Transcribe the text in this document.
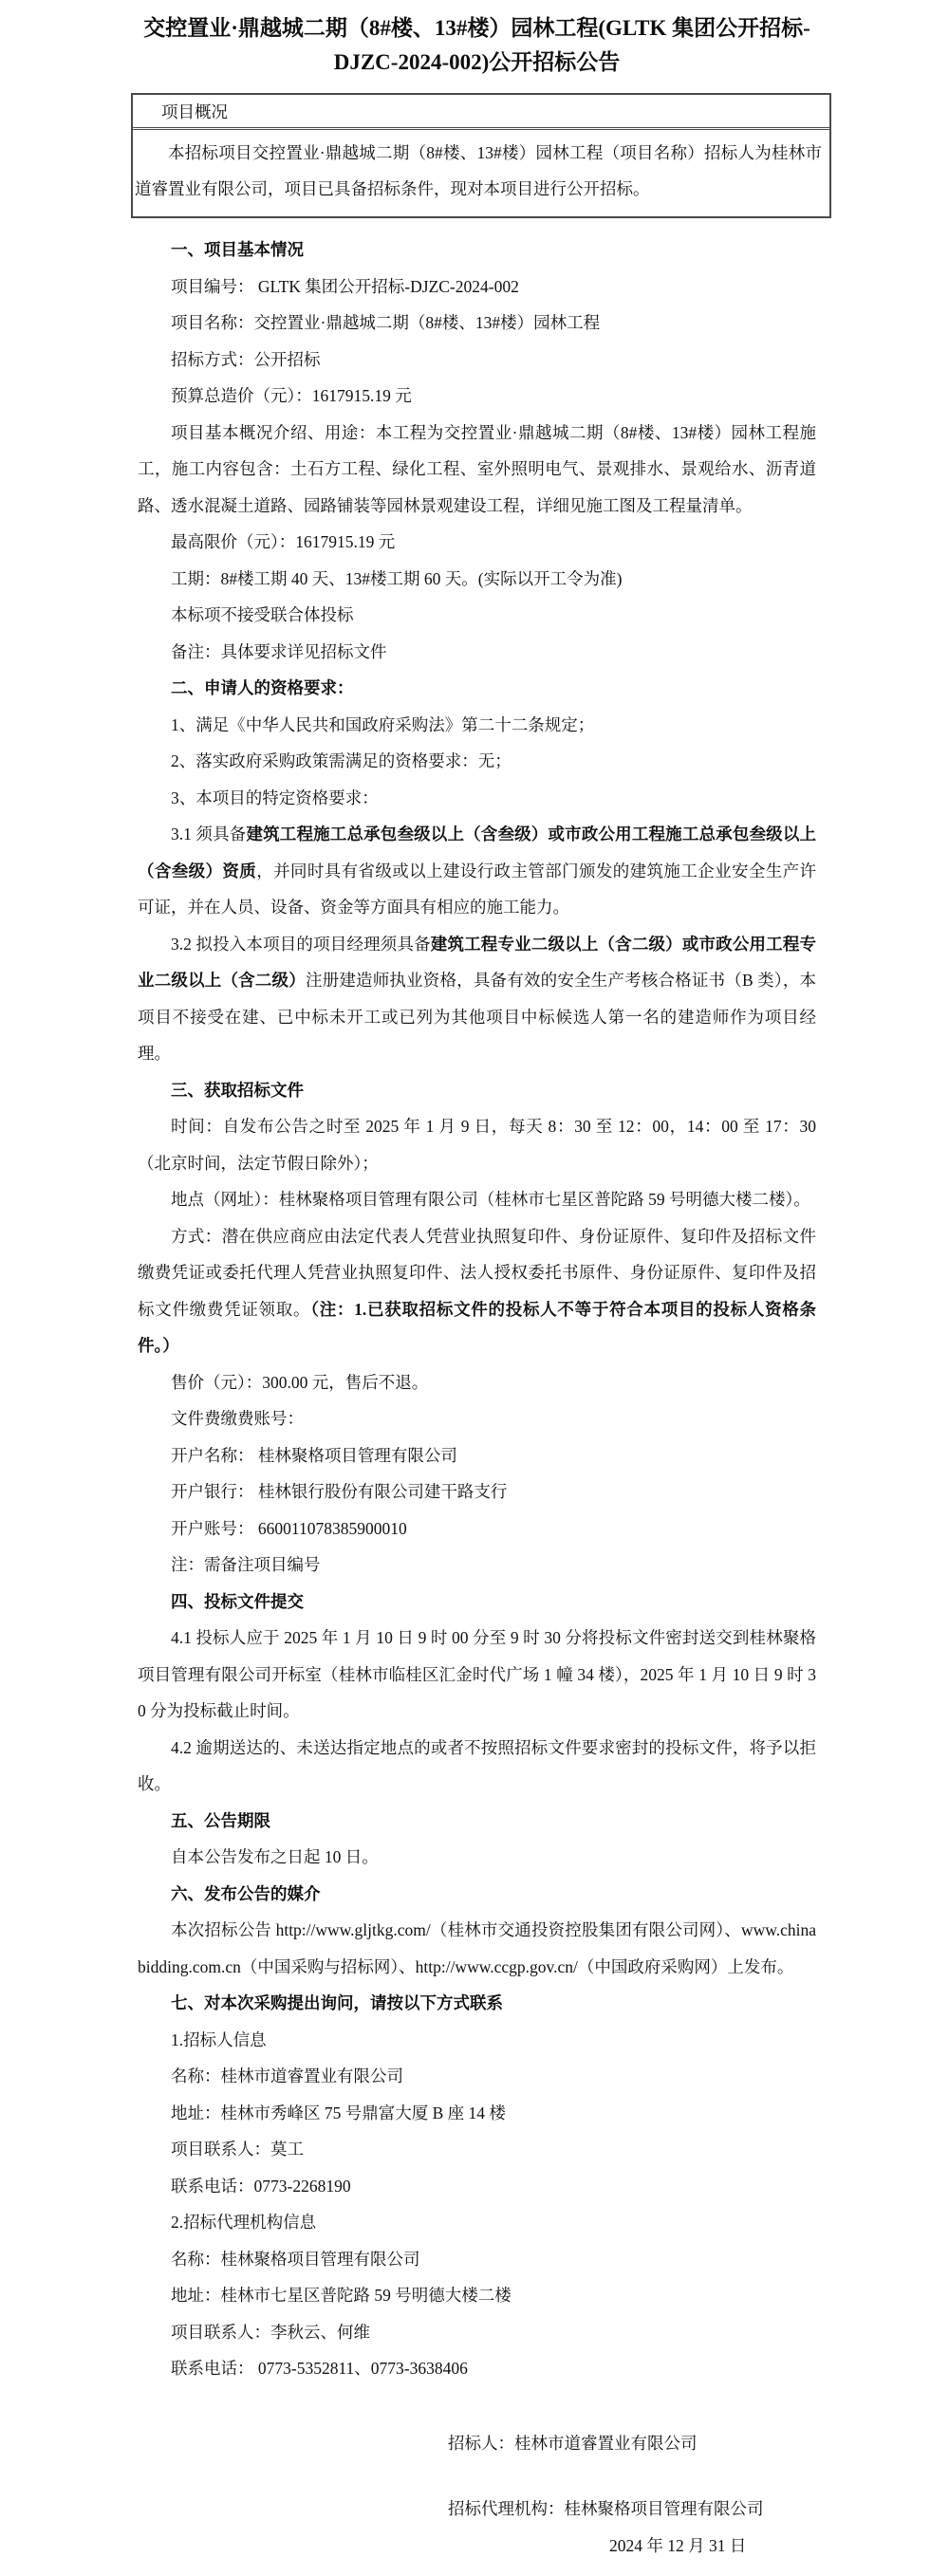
交控置业·鼎越城二期（8#楼、13#楼）园林工程(GLTK 集团公开招标-DJZC-2024-002)公开招标公告
项目概况
本招标项目交控置业·鼎越城二期（8#楼、13#楼）园林工程（项目名称）招标人为桂林市道睿置业有限公司，项目已具备招标条件，现对本项目进行公开招标。

一、项目基本情况

项目编号： GLTK 集团公开招标-DJZC-2024-002

项目名称：交控置业·鼎越城二期（8#楼、13#楼）园林工程

招标方式：公开招标

预算总造价（元）：1617915.19 元

项目基本概况介绍、用途：本工程为交控置业·鼎越城二期（8#楼、13#楼）园林工程施工，施工内容包含：土石方工程、绿化工程、室外照明电气、景观排水、景观给水、沥青道路、透水混凝土道路、园路铺装等园林景观建设工程，详细见施工图及工程量清单。

最高限价（元）：1617915.19 元

工期：8#楼工期 40 天、13#楼工期 60 天。(实际以开工令为准)

本标项不接受联合体投标

备注：具体要求详见招标文件

二、申请人的资格要求：

1、满足《中华人民共和国政府采购法》第二十二条规定；

2、落实政府采购政策需满足的资格要求：无；

3、本项目的特定资格要求：

3.1 须具备建筑工程施工总承包叁级以上（含叁级）或市政公用工程施工总承包叁级以上（含叁级）资质，并同时具有省级或以上建设行政主管部门颁发的建筑施工企业安全生产许可证，并在人员、设备、资金等方面具有相应的施工能力。

3.2 拟投入本项目的项目经理须具备建筑工程专业二级以上（含二级）或市政公用工程专业二级以上（含二级）注册建造师执业资格，具备有效的安全生产考核合格证书（B 类），本项目不接受在建、已中标未开工或已列为其他项目中标候选人第一名的建造师作为项目经理。

三、获取招标文件

时间：自发布公告之时至 2025 年 1 月 9 日，每天 8：30 至 12：00，14：00 至 17：30（北京时间，法定节假日除外）；

地点（网址）：桂林聚格项目管理有限公司（桂林市七星区普陀路 59 号明德大楼二楼）。

方式：潜在供应商应由法定代表人凭营业执照复印件、身份证原件、复印件及招标文件缴费凭证或委托代理人凭营业执照复印件、法人授权委托书原件、身份证原件、复印件及招标文件缴费凭证领取。（注：1.已获取招标文件的投标人不等于符合本项目的投标人资格条件。）

售价（元）：300.00 元，售后不退。

文件费缴费账号：

开户名称： 桂林聚格项目管理有限公司

开户银行： 桂林银行股份有限公司建干路支行

开户账号： 660011078385900010

注：需备注项目编号

四、投标文件提交

4.1 投标人应于 2025 年 1 月 10 日 9 时 00 分至 9 时 30 分将投标文件密封送交到桂林聚格项目管理有限公司开标室（桂林市临桂区汇金时代广场 1 幢 34 楼），2025 年 1 月 10 日 9 时 30 分为投标截止时间。

4.2 逾期送达的、未送达指定地点的或者不按照招标文件要求密封的投标文件，将予以拒收。

五、公告期限

自本公告发布之日起 10 日。

六、发布公告的媒介

本次招标公告 http://www.gljtkg.com/（桂林市交通投资控股集团有限公司网）、www.chinabidding.com.cn（中国采购与招标网）、http://www.ccgp.gov.cn/（中国政府采购网）上发布。

七、对本次采购提出询问，请按以下方式联系

1.招标人信息

名称：桂林市道睿置业有限公司

地址：桂林市秀峰区 75 号鼎富大厦 B 座 14 楼

项目联系人：莫工

联系电话：0773-2268190

2.招标代理机构信息

名称：桂林聚格项目管理有限公司

地址：桂林市七星区普陀路 59 号明德大楼二楼

项目联系人：李秋云、何维

联系电话： 0773-5352811、0773-3638406

招标人：桂林市道睿置业有限公司

招标代理机构：桂林聚格项目管理有限公司

2024 年 12 月 31 日
